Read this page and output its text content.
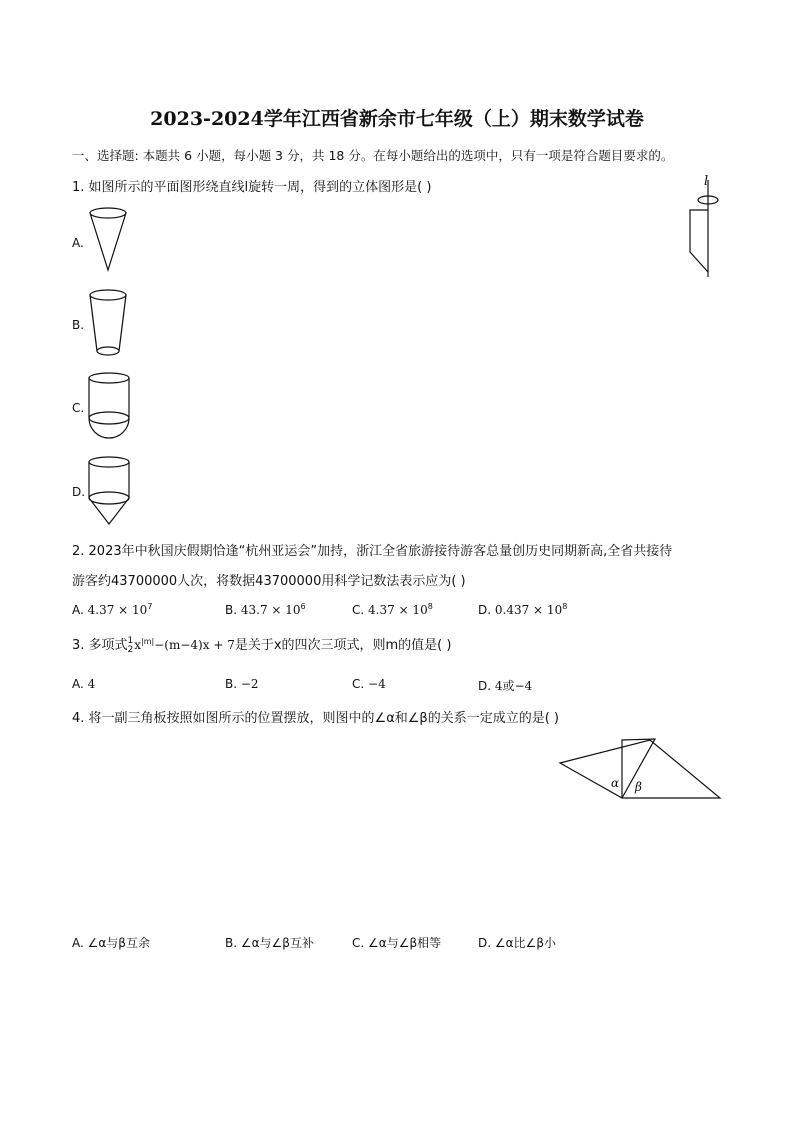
2023-2024学年江西省新余市七年级（上）期末数学试卷
一、选择题: 本题共 6 小题，每小题 3 分，共 18 分。在每小题给出的选项中，只有一项是符合题目要求的。
1. 如图所示的平面图形绕直线l旋转一周，得到的立体图形是( )	l
A.
B.
C.
D.
2. 2023年中秋国庆假期恰逢“杭州亚运会”加持，浙江全省旅游接待游客总量创历史同期新高,全省共接待
游客约43700000人次，将数据43700000用科学记数法表示应为( )
A. $4.37 \times 10^7$	B. $43.7 \times 10^6$	C. $4.37 \times 10^8$	D. $0.437 \times 10^8$
3. 多项式 1
2 $x^{|m|}-(m-4)x + 7$是关于x的四次三项式，则m的值是( )
A. 4	B. −2	C. −4	D. 4或−4
4. 将一副三角板按照如图所示的位置摆放，则图中的∠α和∠β的关系一定成立的是( )
α β
A. ∠α与β互余	B. ∠α与∠β互补	C. ∠α与∠β相等	D. ∠α比∠β小
